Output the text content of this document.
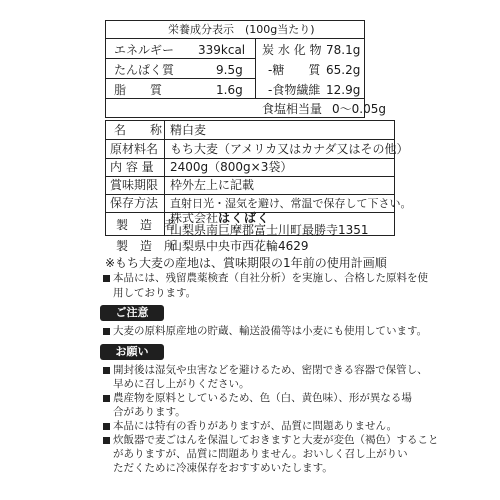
栄養成分表示　(100g当たり)
エネルギー 339kcal
たんぱく質	9.5g
脂　　質	1.6g
炭 水 化 物 78.1g
-糖　　質 65.2g
-食物繊維 12.9g
食塩相当量 0～0.05g
名　　称 精白麦
原材料名 もち大麦（アメリカ又はカナダ又はその他）
内 容 量 2400g（800g×3袋）
賞味期限 枠外左上に記載
保存方法 直射日光・湿気を避け、常温で保存して下さい。
製　造　者
株式会社はくばく
山梨県南巨摩郡富士川町最勝寺1351
製　造　所
山梨県中央市西花輪4629
※もち大麦の産地は、賞味期限の1年前の使用計画順
本品には、残留農薬検査（自社分析）を実施し、合格した原料を使
用しております。
ご注意
大麦の原料原産地の貯蔵、輸送設備等は小麦にも使用しています。
お願い
開封後は湿気や虫害などを避けるため、密閉できる容器で保管し、
早めに召し上がりください。
農産物を原料としているため、色（白、黄色味）、形が異なる場
合があります。
本品には特有の香りがありますが、品質に問題ありません。
炊飯器で麦ごはんを保温しておきますと大麦が変色（褐色）すること
がありますが、品質に問題ありません。おいしく召し上がりい
ただくために冷凍保存をおすすめいたします。
